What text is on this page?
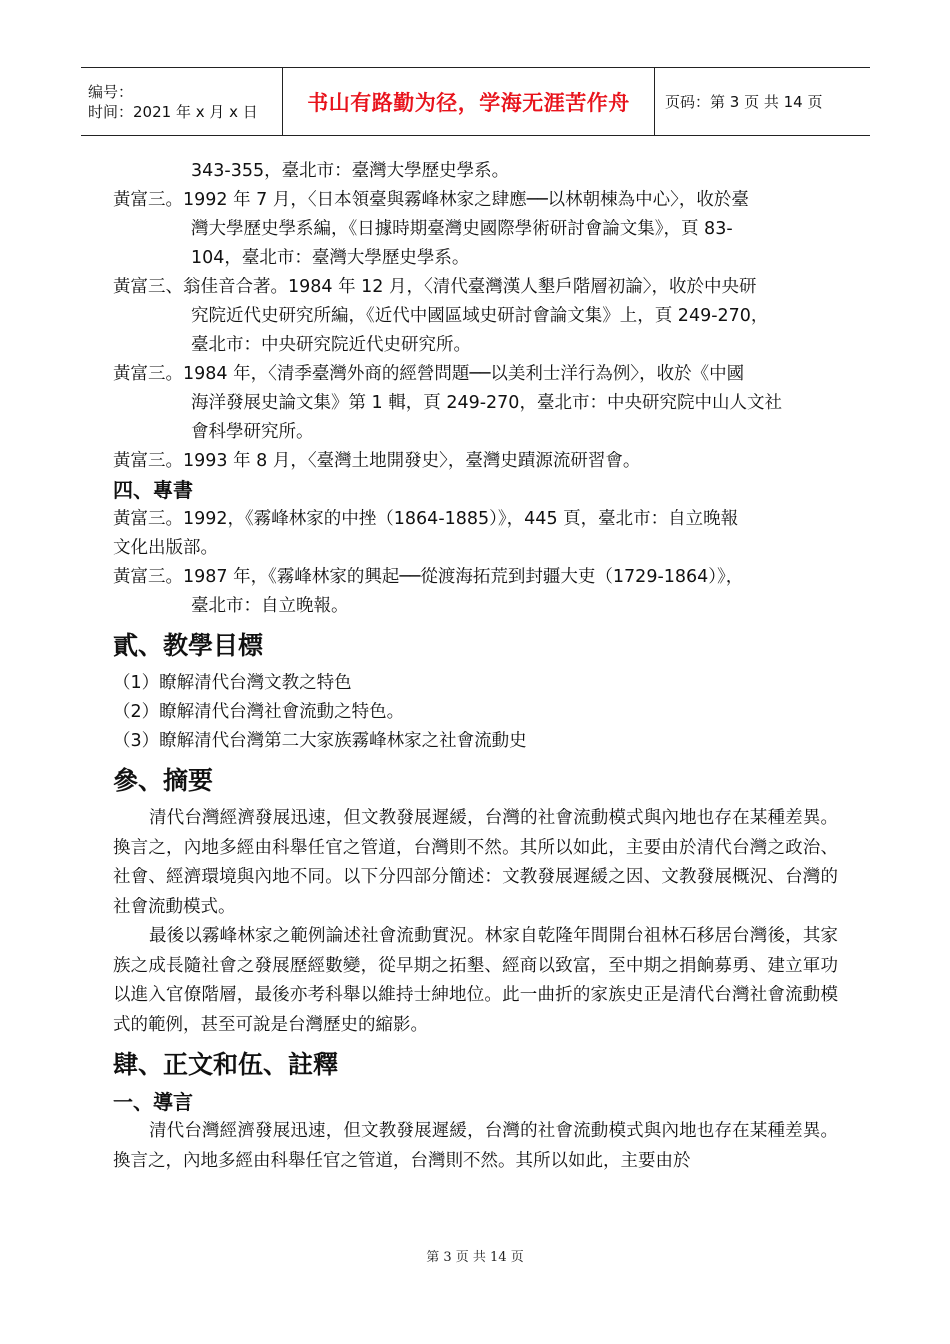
编号：
时间：2021 年 x 月 x 日	书山有路勤为径，学海无涯苦作舟 页码：第 3 页 共 14 页
343-355，臺北市：臺灣大學歷史學系。
黃富三。1992 年 7 月，〈日本領臺與霧峰林家之肆應──以林朝棟為中心〉，收於臺
灣大學歷史學系編，《日據時期臺灣史國際學術研討會論文集》，頁 83-
104，臺北市：臺灣大學歷史學系。
黃富三、翁佳音合著。1984 年 12 月，〈清代臺灣漢人墾戶階層初論〉，收於中央研
究院近代史研究所編，《近代中國區域史研討會論文集》上，頁 249-270，
臺北市：中央研究院近代史研究所。
黃富三。1984 年，〈清季臺灣外商的經營問題──以美利士洋行為例〉，收於《中國
海洋發展史論文集》第 1 輯，頁 249-270，臺北市：中央研究院中山人文社
會科學研究所。
黃富三。1993 年 8 月，〈臺灣土地開發史〉，臺灣史蹟源流研習會。
四、專書
黃富三。1992，《霧峰林家的中挫（1864-1885）》，445 頁，臺北市：自立晚報
文化出版部。
黃富三。1987 年，《霧峰林家的興起──從渡海拓荒到封疆大吏（1729-1864）》，
臺北市：自立晚報。
貳、教學目標
（1）瞭解清代台灣文教之特色
（2）瞭解清代台灣社會流動之特色。
（3）瞭解清代台灣第二大家族霧峰林家之社會流動史
參、摘要
清代台灣經濟發展迅速，但文教發展遲緩，台灣的社會流動模式與內地也存在某種差異。換言之，內地多經由科舉任官之管道，台灣則不然。其所以如此，主要由於清代台灣之政治、社會、經濟環境與內地不同。以下分四部分簡述：文教發展遲緩之因、文教發展概況、台灣的社會流動模式。
最後以霧峰林家之範例論述社會流動實況。林家自乾隆年間開台祖林石移居台灣後，其家族之成長隨社會之發展歷經數變，從早期之拓墾、經商以致富，至中期之捐餉募勇、建立軍功以進入官僚階層，最後亦考科舉以維持士紳地位。此一曲折的家族史正是清代台灣社會流動模式的範例，甚至可說是台灣歷史的縮影。
肆、正文和伍、註釋
一、導言
清代台灣經濟發展迅速，但文教發展遲緩，台灣的社會流動模式與內地也存在某種差異。換言之，內地多經由科舉任官之管道，台灣則不然。其所以如此，主要由於
第 3 页 共 14 页
